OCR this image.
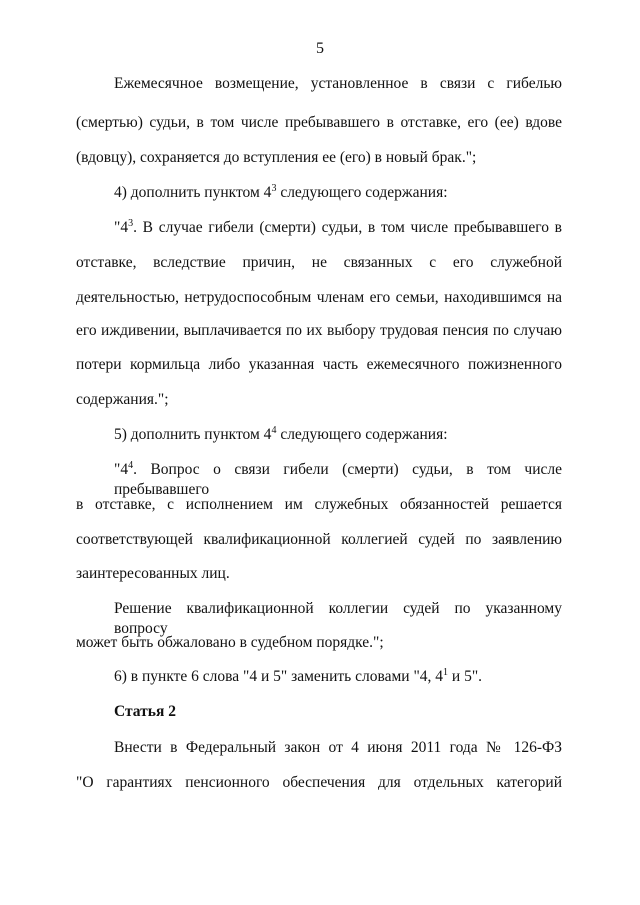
5
Ежемесячное возмещение, установленное в связи с гибелью
(смертью) судьи, в том числе пребывавшего в отставке, его (ее) вдове
(вдовцу), сохраняется до вступления ее (его) в новый брак.";
4) дополнить пунктом $4^3$ следующего содержания:
"$4^3$. В случае гибели (смерти) судьи, в том числе пребывавшего в
отставке, вследствие причин, не связанных с его служебной
деятельностью, нетрудоспособным членам его семьи, находившимся на
его иждивении, выплачивается по их выбору трудовая пенсия по случаю
потери кормильца либо указанная часть ежемесячного пожизненного
содержания.";
5) дополнить пунктом $4^4$ следующего содержания:
"$4^4$. Вопрос о связи гибели (смерти) судьи, в том числе пребывавшего
в отставке, с исполнением им служебных обязанностей решается
соответствующей квалификационной коллегией судей по заявлению
заинтересованных лиц.
Решение квалификационной коллегии судей по указанному вопросу
может быть обжаловано в судебном порядке.";
6) в пункте 6 слова "4 и 5" заменить словами "4, $4^1$ и 5".
Статья 2
Внести в Федеральный закон от 4 июня 2011 года № 126-ФЗ
"О гарантиях пенсионного обеспечения для отдельных категорий
